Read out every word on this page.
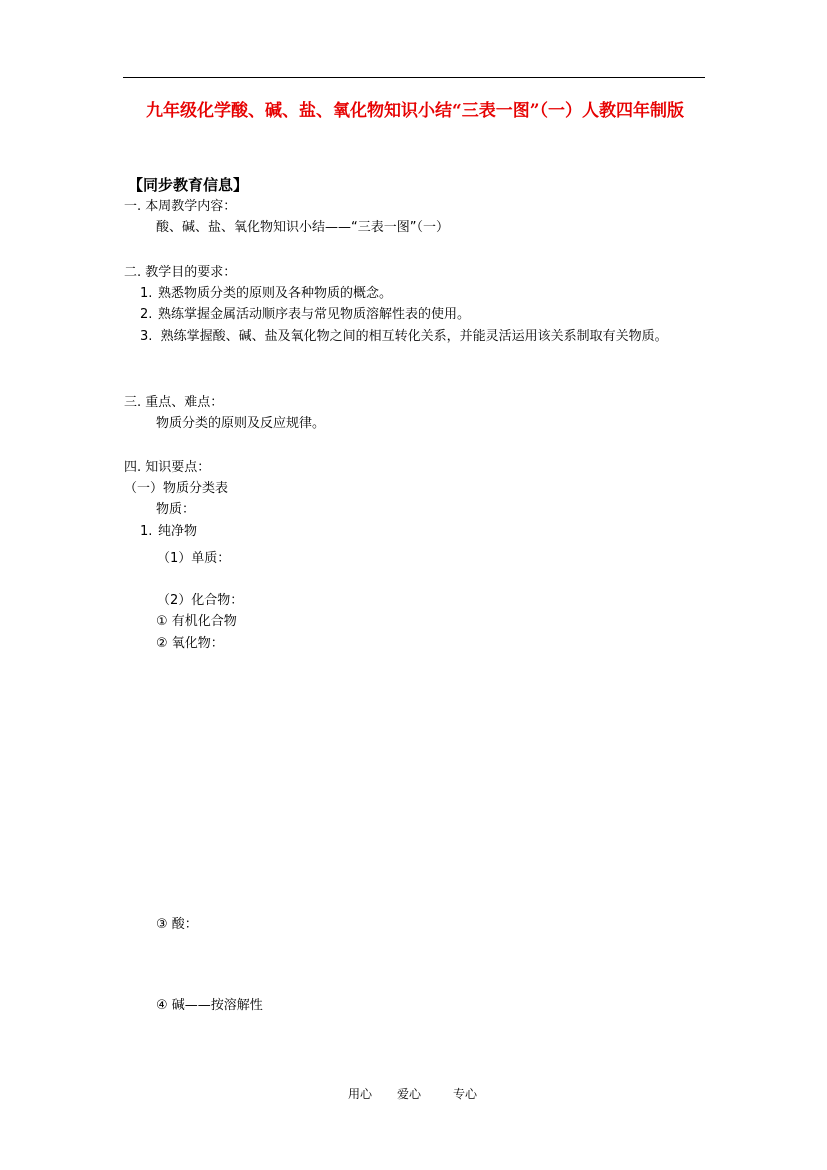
九年级化学酸、碱、盐、氧化物知识小结“三表一图”（一）人教四年制版
【同步教育信息】
一. 本周教学内容：
酸、碱、盐、氧化物知识小结——“三表一图”（一）
二. 教学目的要求：
1. 熟悉物质分类的原则及各种物质的概念。
2. 熟练掌握金属活动顺序表与常见物质溶解性表的使用。
3. 熟练掌握酸、碱、盐及氧化物之间的相互转化关系，并能灵活运用该关系制取有关物质。
三. 重点、难点：
物质分类的原则及反应规律。
四. 知识要点：
（一）物质分类表
物质：
1. 纯净物
（1）单质：
（2）化合物：
① 有机化合物
② 氧化物：
③ 酸：
④ 碱——按溶解性
用心 爱心	专心
